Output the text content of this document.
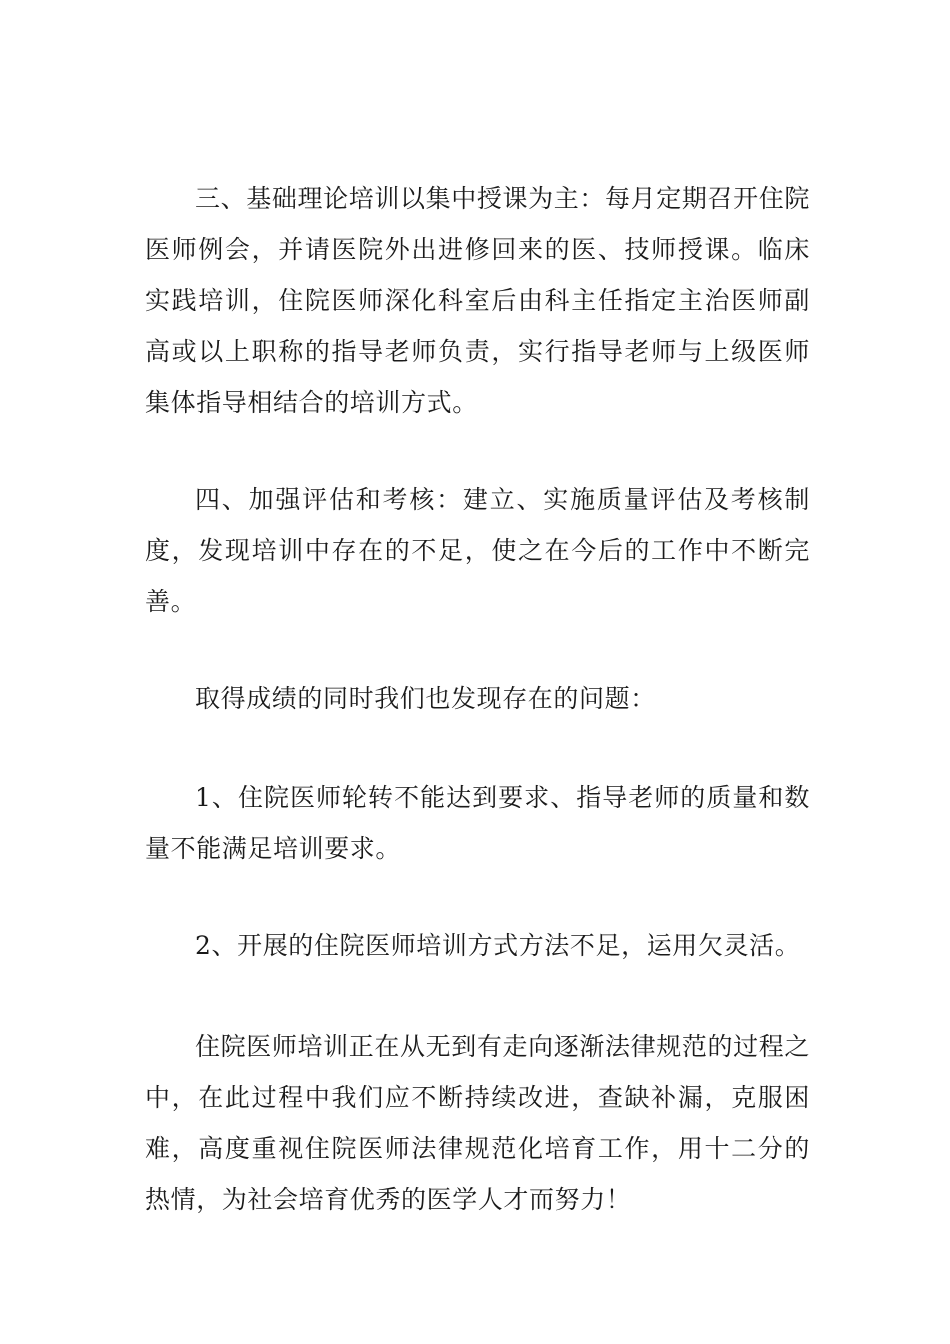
三、基础理论培训以集中授课为主：每月定期召开住院医师例会，并请医院外出进修回来的医、技师授课。临床实践培训，住院医师深化科室后由科主任指定主治医师副高或以上职称的指导老师负责，实行指导老师与上级医师集体指导相结合的培训方式。

四、加强评估和考核：建立、实施质量评估及考核制度，发现培训中存在的不足，使之在今后的工作中不断完善。

取得成绩的同时我们也发现存在的问题：

1、住院医师轮转不能达到要求、指导老师的质量和数量不能满足培训要求。

2、开展的住院医师培训方式方法不足，运用欠灵活。

住院医师培训正在从无到有走向逐渐法律规范的过程之中，在此过程中我们应不断持续改进，查缺补漏，克服困难，高度重视住院医师法律规范化培育工作，用十二分的热情，为社会培育优秀的医学人才而努力！
